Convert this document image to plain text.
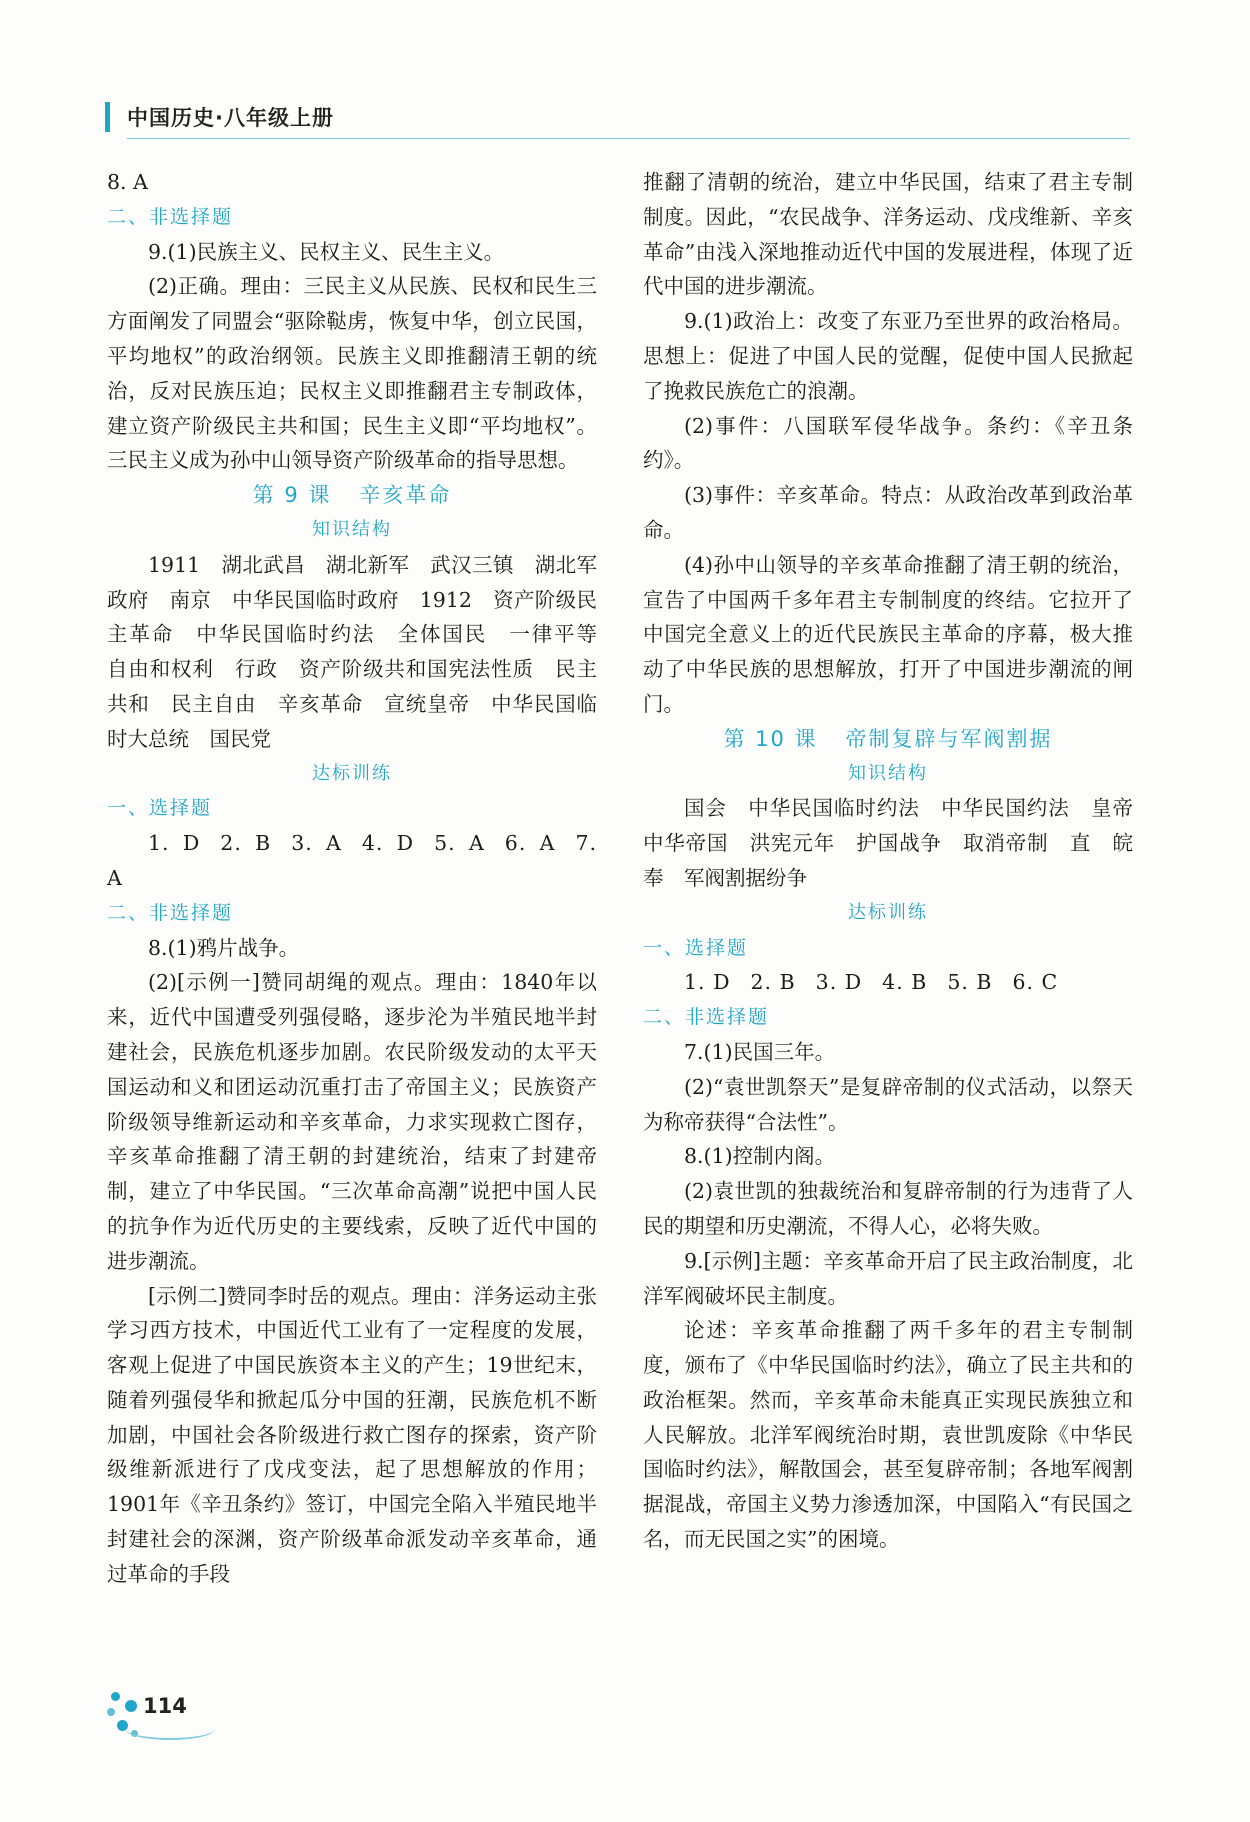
中国历史·八年级上册

8. A

二、非选择题

9.(1)民族主义、民权主义、民生主义。

(2)正确。理由：三民主义从民族、民权和民生三方面阐发了同盟会“驱除鞑虏，恢复中华，创立民国，平均地权”的政治纲领。民族主义即推翻清王朝的统治，反对民族压迫；民权主义即推翻君主专制政体，建立资产阶级民主共和国；民生主义即“平均地权”。三民主义成为孙中山领导资产阶级革命的指导思想。

第 9 课 辛亥革命

知识结构

1911　湖北武昌　湖北新军　武汉三镇　湖北军政府　南京　中华民国临时政府　1912　资产阶级民主革命　中华民国临时约法　全体国民　一律平等　自由和权利　行政　资产阶级共和国宪法性质　民主共和　民主自由　辛亥革命　宣统皇帝　中华民国临时大总统　国民党

达标训练

一、选择题

1. D 2. B 3. A 4. D 5. A 6. A 7. A

二、非选择题

8.(1)鸦片战争。

(2)[示例一]赞同胡绳的观点。理由：1840年以来，近代中国遭受列强侵略，逐步沦为半殖民地半封建社会，民族危机逐步加剧。农民阶级发动的太平天国运动和义和团运动沉重打击了帝国主义；民族资产阶级领导维新运动和辛亥革命，力求实现救亡图存，辛亥革命推翻了清王朝的封建统治，结束了封建帝制，建立了中华民国。“三次革命高潮”说把中国人民的抗争作为近代历史的主要线索，反映了近代中国的进步潮流。

[示例二]赞同李时岳的观点。理由：洋务运动主张学习西方技术，中国近代工业有了一定程度的发展，客观上促进了中国民族资本主义的产生；19世纪末，随着列强侵华和掀起瓜分中国的狂潮，民族危机不断加剧，中国社会各阶级进行救亡图存的探索，资产阶级维新派进行了戊戌变法，起了思想解放的作用；1901年《辛丑条约》签订，中国完全陷入半殖民地半封建社会的深渊，资产阶级革命派发动辛亥革命，通过革命的手段

推翻了清朝的统治，建立中华民国，结束了君主专制制度。因此，“农民战争、洋务运动、戊戌维新、辛亥革命”由浅入深地推动近代中国的发展进程，体现了近代中国的进步潮流。

9.(1)政治上：改变了东亚乃至世界的政治格局。思想上：促进了中国人民的觉醒，促使中国人民掀起了挽救民族危亡的浪潮。

(2)事件：八国联军侵华战争。条约：《辛丑条约》。

(3)事件：辛亥革命。特点：从政治改革到政治革命。

(4)孙中山领导的辛亥革命推翻了清王朝的统治，宣告了中国两千多年君主专制制度的终结。它拉开了中国完全意义上的近代民族民主革命的序幕，极大推动了中华民族的思想解放，打开了中国进步潮流的闸门。

第 10 课 帝制复辟与军阀割据

知识结构

国会　中华民国临时约法　中华民国约法　皇帝　中华帝国　洪宪元年　护国战争　取消帝制　直　皖　奉　军阀割据纷争

达标训练

一、选择题

1. D 2. B 3. D 4. B 5. B 6. C

二、非选择题

7.(1)民国三年。

(2)“袁世凯祭天”是复辟帝制的仪式活动，以祭天为称帝获得“合法性”。

8.(1)控制内阁。

(2)袁世凯的独裁统治和复辟帝制的行为违背了人民的期望和历史潮流，不得人心，必将失败。

9.[示例]主题：辛亥革命开启了民主政治制度，北洋军阀破坏民主制度。

论述：辛亥革命推翻了两千多年的君主专制制度，颁布了《中华民国临时约法》，确立了民主共和的政治框架。然而，辛亥革命未能真正实现民族独立和人民解放。北洋军阀统治时期，袁世凯废除《中华民国临时约法》，解散国会，甚至复辟帝制；各地军阀割据混战，帝国主义势力渗透加深，中国陷入“有民国之名，而无民国之实”的困境。

114
